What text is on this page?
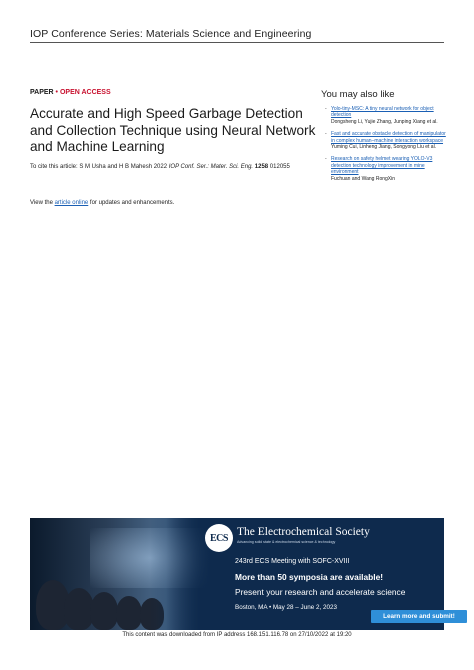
IOP Conference Series: Materials Science and Engineering
PAPER • OPEN ACCESS
Accurate and High Speed Garbage Detection and Collection Technique using Neural Network and Machine Learning
To cite this article: S M Usha and H B Mahesh 2022 IOP Conf. Ser.: Mater. Sci. Eng. 1258 012055
View the article online for updates and enhancements.
You may also like
- Yolo-tiny-MSC: A tiny neural network for object detection
Dongsheng Li, Yujie Zhang, Junping Xiang et al.
- Fast and accurate obstacle detection of manipulator in complex human–machine interaction workspace
Yuming Cui, Linheng Jiang, Songyong Liu et al.
- Research on safety helmet wearing YOLO-V3 detection technology improvement in mine environment
Fuchuan and Wang RongXin
ECS The Electrochemical Society
Advancing solid state & electrochemical science & technology
243rd ECS Meeting with SOFC-XVIII
More than 50 symposia are available!
Present your research and accelerate science
Boston, MA • May 28 – June 2, 2023
Learn more and submit!
This content was downloaded from IP address 168.151.116.78 on 27/10/2022 at 19:20
